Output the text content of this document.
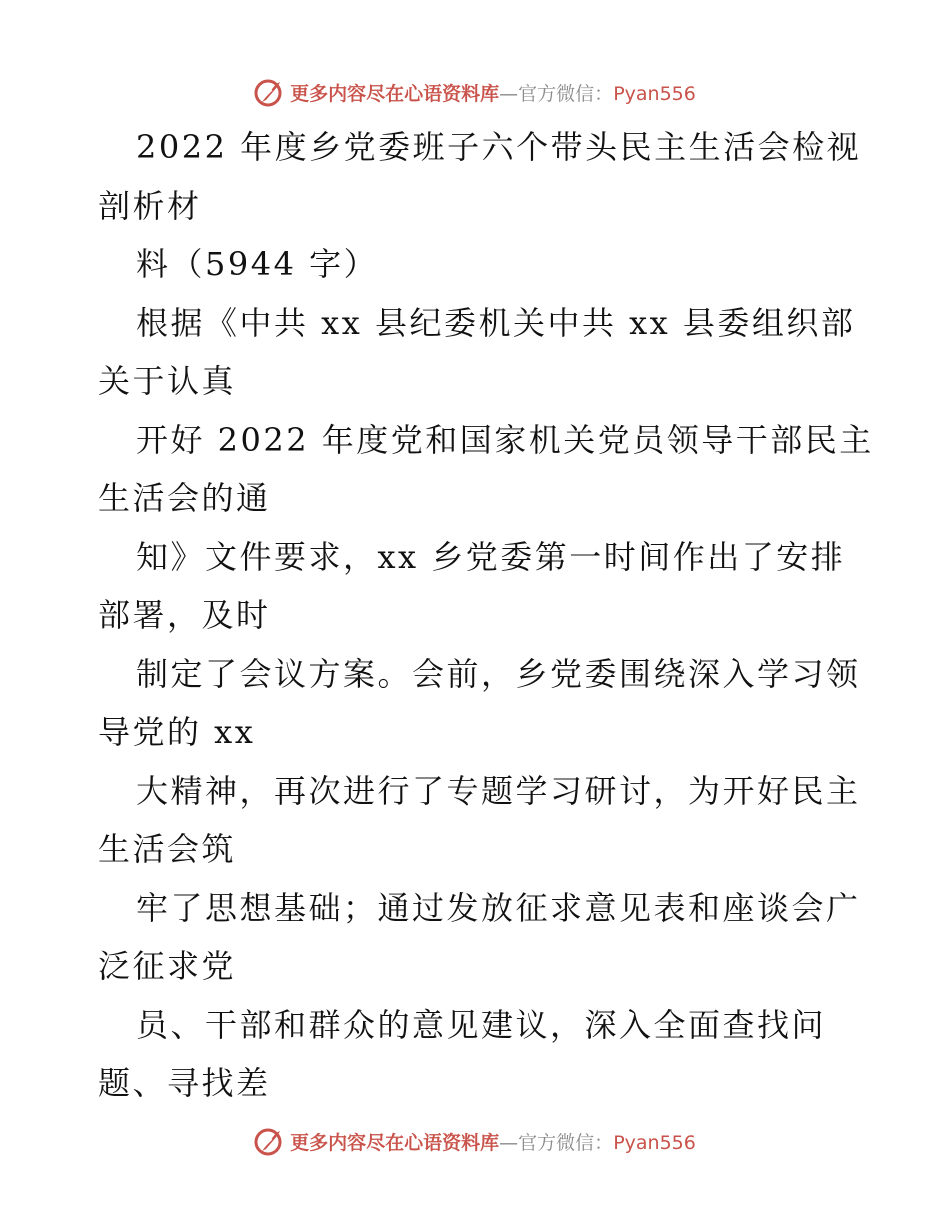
更多内容尽在心语资料库—官方微信：Pyan556
2022 年度乡党委班子六个带头民主生活会检视
剖析材
料（5944 字）
根据《中共 xx 县纪委机关中共 xx 县委组织部
关于认真
开好 2022 年度党和国家机关党员领导干部民主
生活会的通
知》文件要求，xx 乡党委第一时间作出了安排
部署，及时
制定了会议方案。会前，乡党委围绕深入学习领
导党的 xx
大精神，再次进行了专题学习研讨，为开好民主
生活会筑
牢了思想基础；通过发放征求意见表和座谈会广
泛征求党
员、干部和群众的意见建议，深入全面查找问
题、寻找差
更多内容尽在心语资料库—官方微信：Pyan556
